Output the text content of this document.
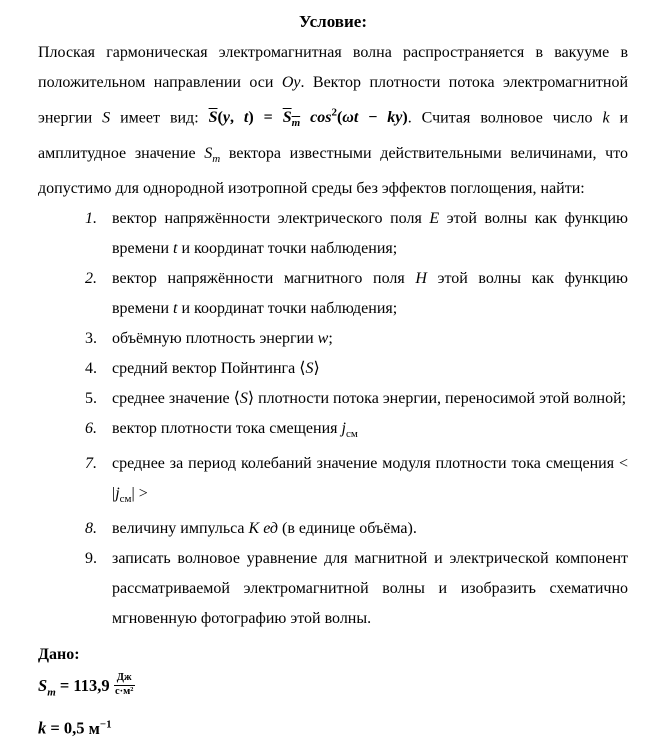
Условие:

Плоская гармоническая электромагнитная волна распространяется в вакууме в положительном направлении оси Oy. Вектор плотности потока электромагнитной энергии S имеет вид: $\overline{S}(y$, $t) = S_m$ $\cos^2(\omega t - ky)$. Считая волновое число k и амплитудное значение $S_m$ вектора известными действительными величинами, что допустимо для однородной изотропной среды без эффектов поглощения, найти:

1. вектор напряжённости электрического поля E этой волны как функцию времени t и координат точки наблюдения;
2. вектор напряжённости магнитного поля H этой волны как функцию времени t и координат точки наблюдения;
3. объёмную плотность энергии w;
4. средний вектор Пойнтинга ⟨S⟩
5. среднее значение ⟨S⟩ плотности потока энергии, переносимой этой волной;
6. вектор плотности тока смещения $j_{см}$
7. среднее за период колебаний значение модуля плотности тока смещения < $|j_{см}|$ >
8. величину импульса K ед (в единице объёма).
9. записать волновое уравнение для магнитной и электрической компонент рассматриваемой электромагнитной волны и изобразить схематично мгновенную фотографию этой волны.
Дано:
$S_m = 113,9 \frac{Дж}{\text{с·м²}}$
k = 0,5 $м^{-1}$
